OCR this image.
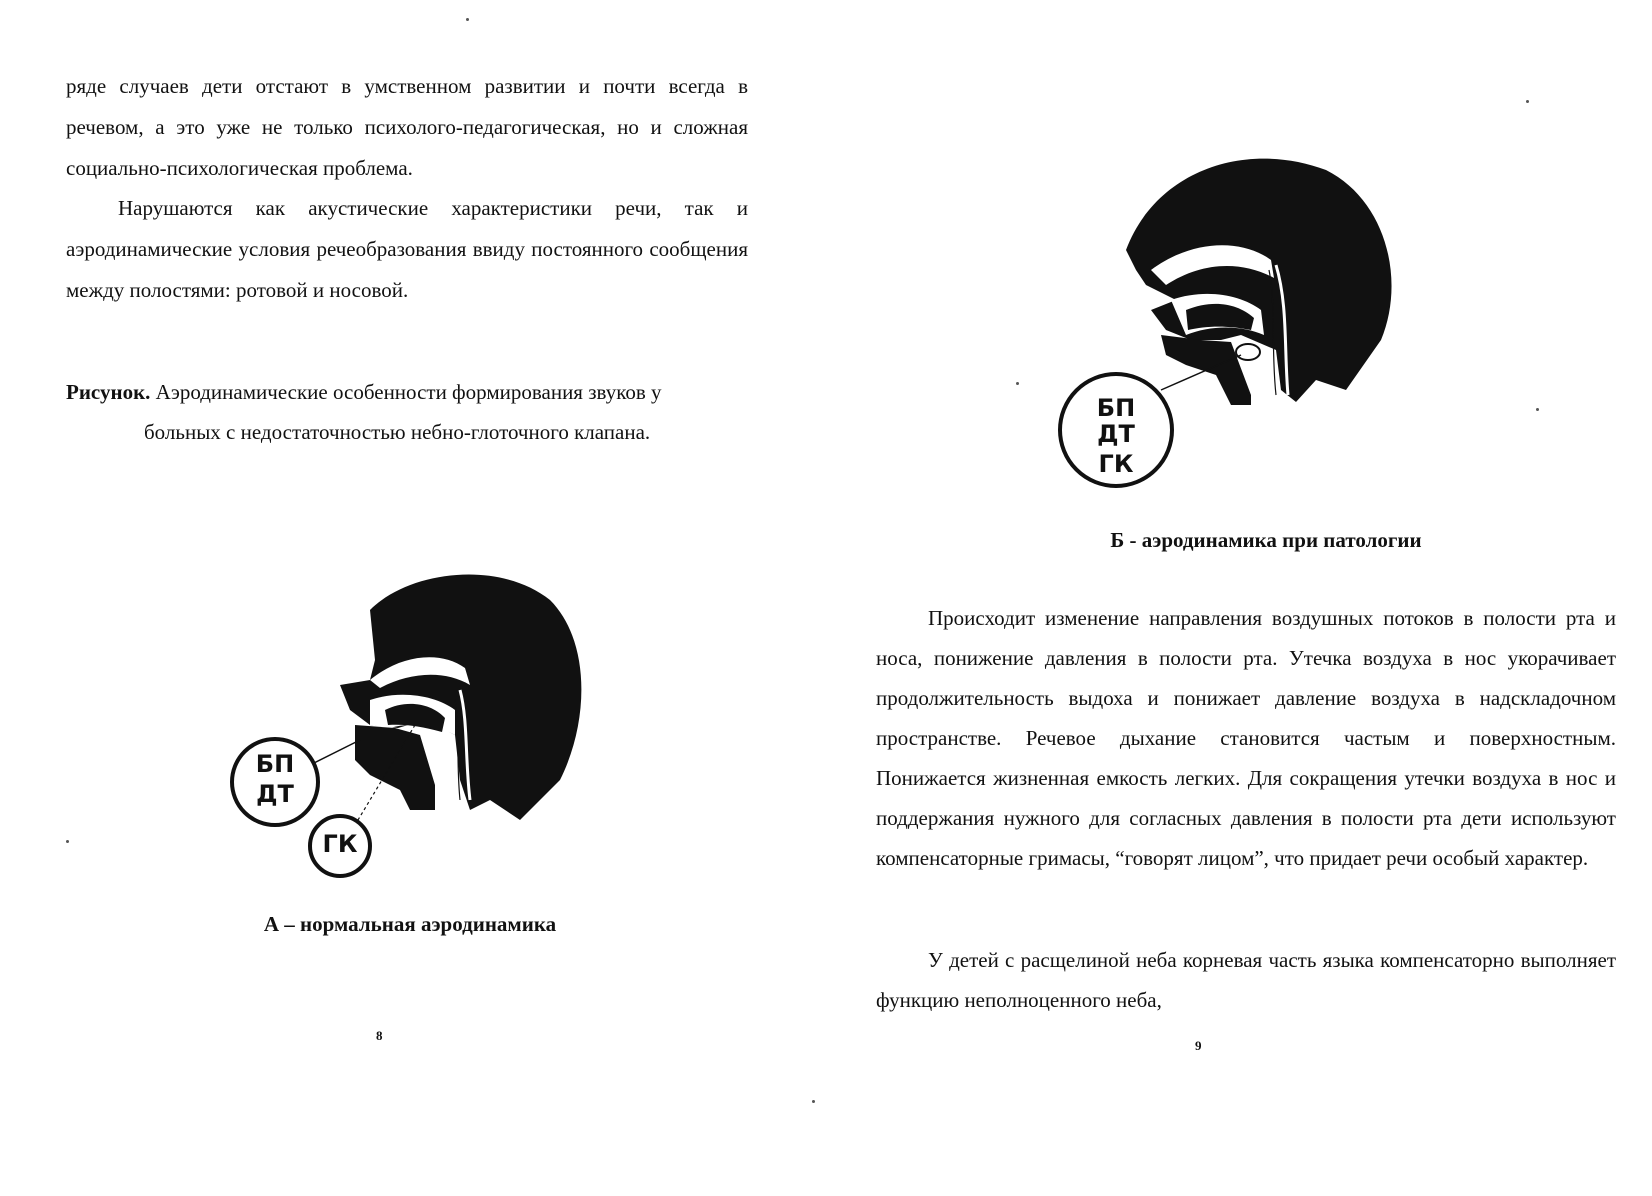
ряде случаев дети отстают в умственном развитии и почти всегда в речевом, а это уже не только психолого-педагогическая, но и сложная социально-психологическая проблема.

Нарушаются как акустические характеристики речи, так и аэродинамические условия речеобразования ввиду постоянного сообщения между полостями: ротовой и носовой.

Рисунок. Аэродинамические особенности формирования звуков у
больных с недостаточностью небно-глоточного клапана.
БП
ДТ
ГК
А – нормальная аэродинамика
8
БП
ДТ
ГК
Б - аэродинамика при патологии

Происходит изменение направления воздушных потоков в полости рта и носа, понижение давления в полости рта. Утечка воздуха в нос укорачивает продолжительность выдоха и понижает давление воздуха в надскладочном пространстве. Речевое дыхание становится частым и поверхностным. Понижается жизненная емкость легких. Для сокращения утечки воздуха в нос и поддержания нужного для согласных давления в полости рта дети используют компенсаторные гримасы, “говорят лицом”, что придает речи особый характер.

У детей с расщелиной неба корневая часть языка компенсаторно выполняет функцию неполноценного неба,

9
